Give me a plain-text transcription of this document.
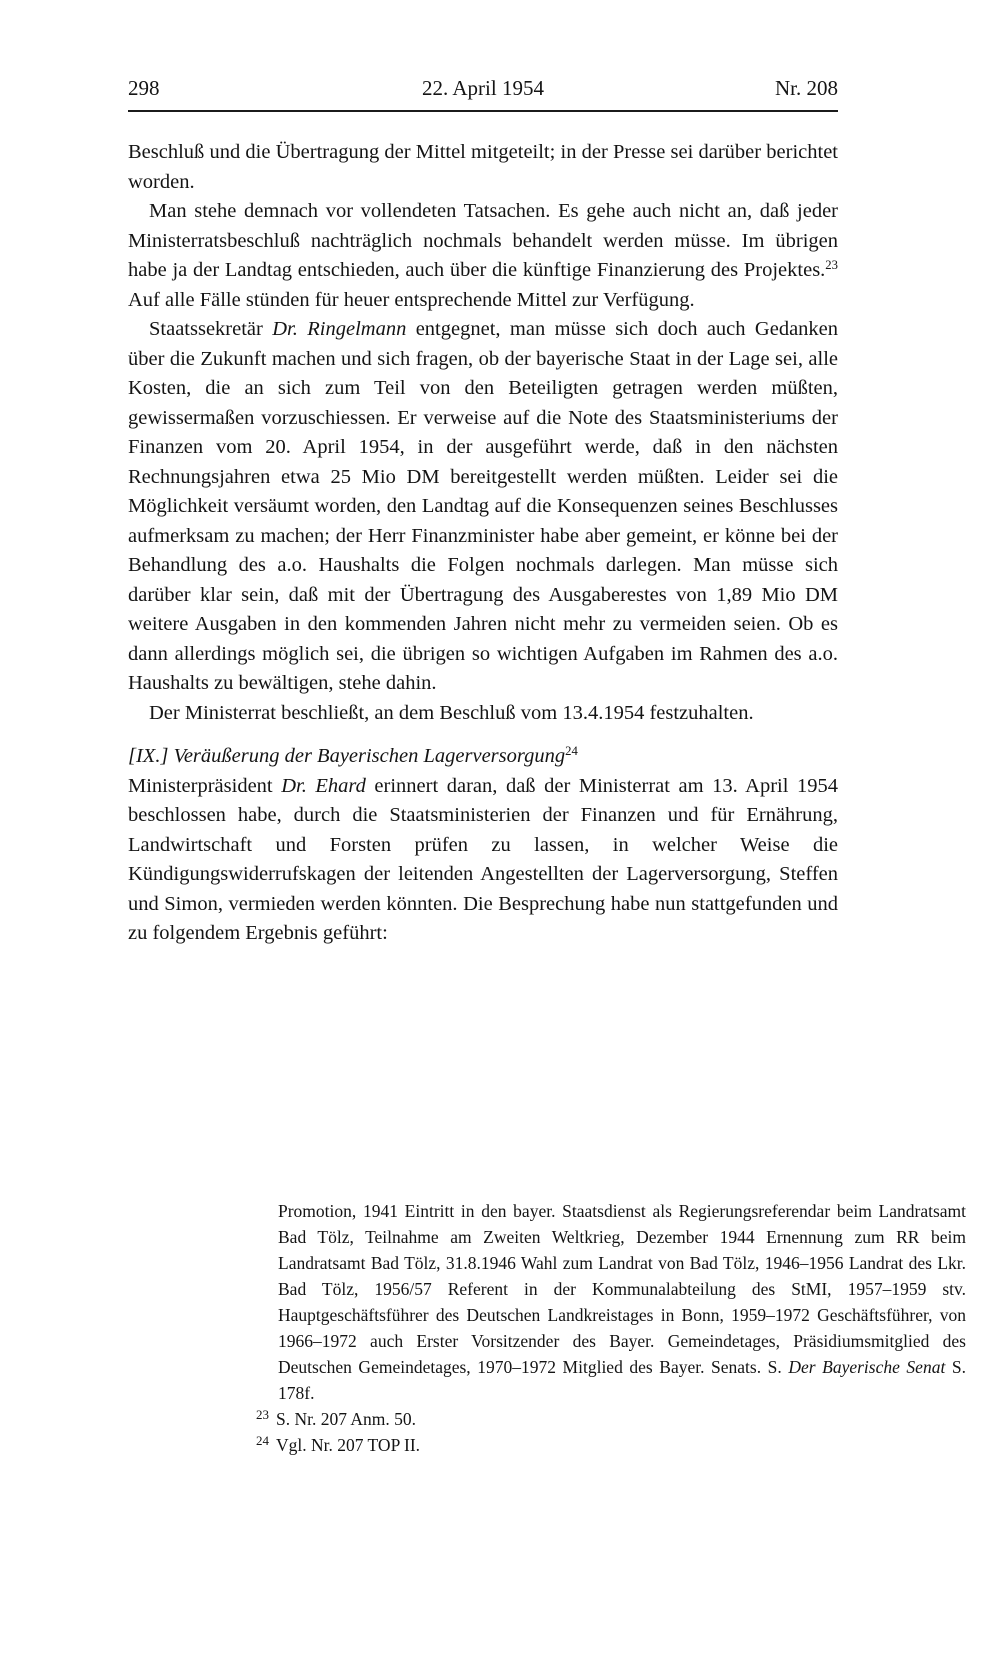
298	22. April 1954	Nr. 208

Beschluß und die Übertragung der Mittel mitgeteilt; in der Presse sei darüber berichtet worden.

Man stehe demnach vor vollendeten Tatsachen. Es gehe auch nicht an, daß jeder Ministerratsbeschluß nachträglich nochmals behandelt werden müsse. Im übrigen habe ja der Landtag entschieden, auch über die künftige Finanzierung des Projektes.$^{23}$ Auf alle Fälle stünden für heuer entsprechende Mittel zur Verfügung.

Staatssekretär Dr. Ringelmann entgegnet, man müsse sich doch auch Gedanken über die Zukunft machen und sich fragen, ob der bayerische Staat in der Lage sei, alle Kosten, die an sich zum Teil von den Beteiligten getragen werden müßten, gewissermaßen vorzuschiessen. Er verweise auf die Note des Staatsministeriums der Finanzen vom 20. April 1954, in der ausgeführt werde, daß in den nächsten Rechnungsjahren etwa 25 Mio DM bereitgestellt werden müßten. Leider sei die Möglichkeit versäumt worden, den Landtag auf die Konsequenzen seines Beschlusses aufmerksam zu machen; der Herr Finanzminister habe aber gemeint, er könne bei der Behandlung des a.o. Haushalts die Folgen nochmals darlegen. Man müsse sich darüber klar sein, daß mit der Übertragung des Ausgaberestes von 1,89 Mio DM weitere Ausgaben in den kommenden Jahren nicht mehr zu vermeiden seien. Ob es dann allerdings möglich sei, die übrigen so wichtigen Aufgaben im Rahmen des a.o. Haushalts zu bewältigen, stehe dahin.

Der Ministerrat beschließt, an dem Beschluß vom 13.4.1954 festzuhalten.

[IX.] Veräußerung der Bayerischen Lagerversorgung$^{24}$

Ministerpräsident Dr. Ehard erinnert daran, daß der Ministerrat am 13. April 1954 beschlossen habe, durch die Staatsministerien der Finanzen und für Ernährung, Landwirtschaft und Forsten prüfen zu lassen, in welcher Weise die Kündigungswiderrufskagen der leitenden Angestellten der Lagerversorgung, Steffen und Simon, vermieden werden könnten. Die Besprechung habe nun stattgefunden und zu folgendem Ergebnis geführt:

Promotion, 1941 Eintritt in den bayer. Staatsdienst als Regierungsreferendar beim Landratsamt Bad Tölz, Teilnahme am Zweiten Weltkrieg, Dezember 1944 Ernennung zum RR beim Landratsamt Bad Tölz, 31.8.1946 Wahl zum Landrat von Bad Tölz, 1946–1956 Landrat des Lkr. Bad Tölz, 1956/57 Referent in der Kommunalabteilung des StMI, 1957–1959 stv. Hauptgeschäftsführer des Deutschen Landkreistages in Bonn, 1959–1972 Geschäftsführer, von 1966–1972 auch Erster Vorsitzender des Bayer. Gemeindetages, Präsidiumsmitglied des Deutschen Gemeindetages, 1970–1972 Mitglied des Bayer. Senats. S. Der Bayerische Senat S. 178f.

$^{23}$ S. Nr. 207 Anm. 50.

$^{24}$ Vgl. Nr. 207 TOP II.
